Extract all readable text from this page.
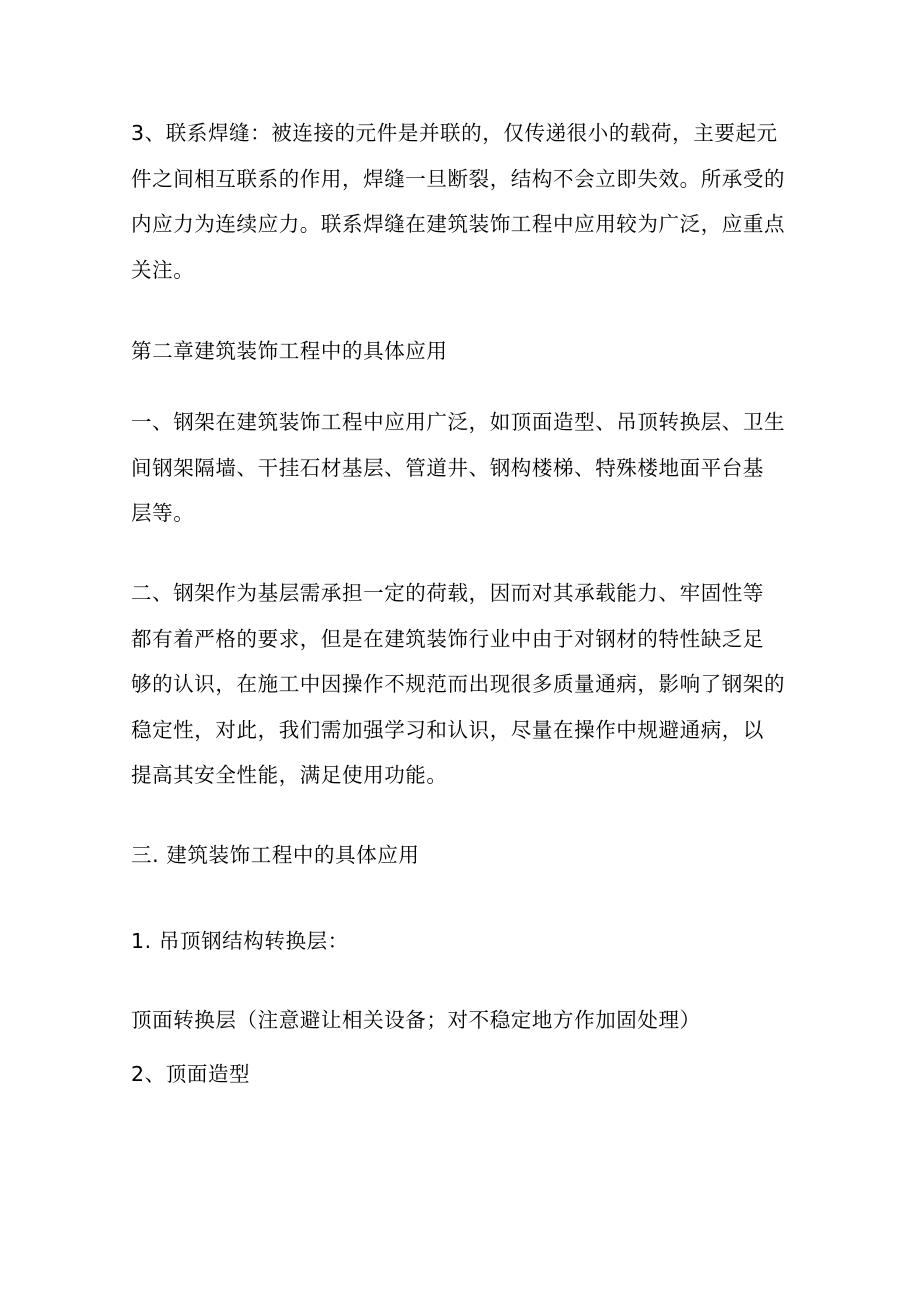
3、联系焊缝：被连接的元件是并联的，仅传递很小的载荷，主要起元
件之间相互联系的作用，焊缝一旦断裂，结构不会立即失效。所承受的
内应力为连续应力。联系焊缝在建筑装饰工程中应用较为广泛，应重点
关注。
第二章建筑装饰工程中的具体应用
一、钢架在建筑装饰工程中应用广泛，如顶面造型、吊顶转换层、卫生
间钢架隔墙、干挂石材基层、管道井、钢构楼梯、特殊楼地面平台基
层等。
二、钢架作为基层需承担一定的荷载，因而对其承载能力、牢固性等
都有着严格的要求，但是在建筑装饰行业中由于对钢材的特性缺乏足
够的认识，在施工中因操作不规范而出现很多质量通病，影响了钢架的
稳定性，对此，我们需加强学习和认识，尽量在操作中规避通病，以
提高其安全性能，满足使用功能。
三. 建筑装饰工程中的具体应用
1. 吊顶钢结构转换层：
顶面转换层（注意避让相关设备；对不稳定地方作加固处理）
2、顶面造型
